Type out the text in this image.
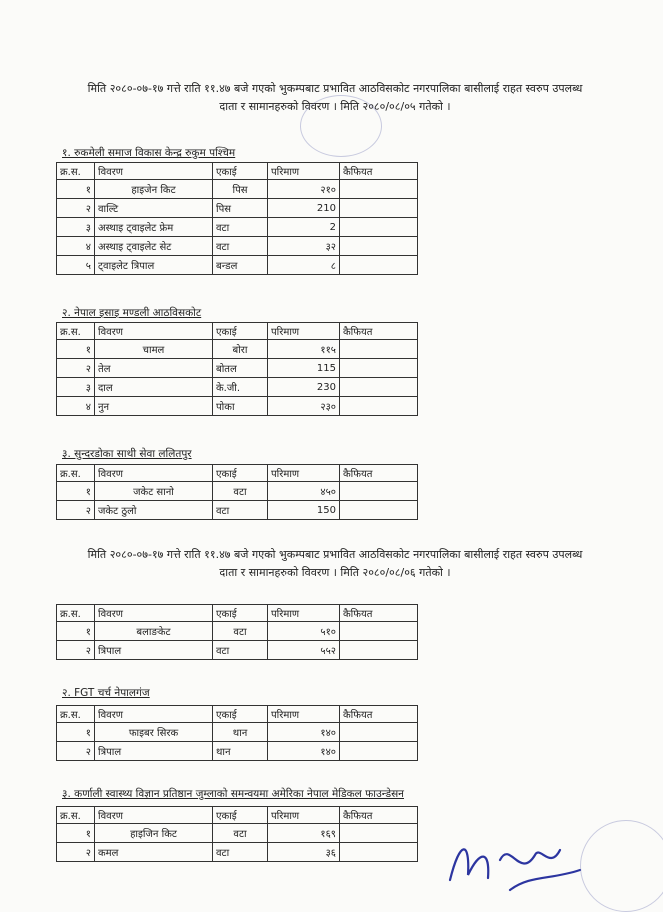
मिति २०८०-०७-१७ गत्ते राति ११.४७ बजे गएको भुकम्पबाट प्रभावित आठविसकोट नगरपालिका बासीलाई राहत स्वरुप उपलब्ध
दाता र सामानहरुको विवरण । मिति २०८०/०८/०५ गतेको ।
१. रुकमेली समाज विकास केन्द्र रुकुम पश्चिम
क्र.स.	विवरण	एकाई	परिमाण	कैफियत
१	हाइजेन किट	पिस	२१०	
२	वाल्टि	पिस	210	
३	अस्थाइ ट्वाइलेट फ्रेम	वटा	2	
४	अस्थाइ ट्वाइलेट सेट	वटा	३२	
५	ट्वाइलेट त्रिपाल	बन्डल	८	
२. नेपाल इसाइ मण्डली आठविसकोट
क्र.स.	विवरण	एकाई	परिमाण	कैफियत
१	चामल	बोरा	११५	
२	तेल	बोतल	115	
३	दाल	के.जी.	230	
४	नुन	पोका	२३०	
३. सुन्दरडोका साथी सेवा ललितपुर
क्र.स.	विवरण	एकाई	परिमाण	कैफियत
१	जकेट सानो	वटा	४५०	
२	जकेट ठुलो	वटा	150	
मिति २०८०-०७-१७ गत्ते राति ११.४७ बजे गएको भुकम्पबाट प्रभावित आठविसकोट नगरपालिका बासीलाई राहत स्वरुप उपलब्ध
दाता र सामानहरुको विवरण । मिति २०८०/०८/०६ गतेको ।
क्र.स.	विवरण	एकाई	परिमाण	कैफियत
१	बलाङकेट	वटा	५१०	
२	त्रिपाल	वटा	५५२	
२. FGT चर्च नेपालगंज
क्र.स.	विवरण	एकाई	परिमाण	कैफियत
१	फाइबर सिरक	थान	१४०	
२	त्रिपाल	थान	१४०	
३. कर्णाली स्वास्थ्य विज्ञान प्रतिष्ठान जुम्लाको समन्वयमा अमेरिका नेपाल मेडिकल फाउन्डेसन
क्र.स.	विवरण	एकाई	परिमाण	कैफियत
१	हाइजिन किट	वटा	१६९	
२	कमल	वटा	३६	
